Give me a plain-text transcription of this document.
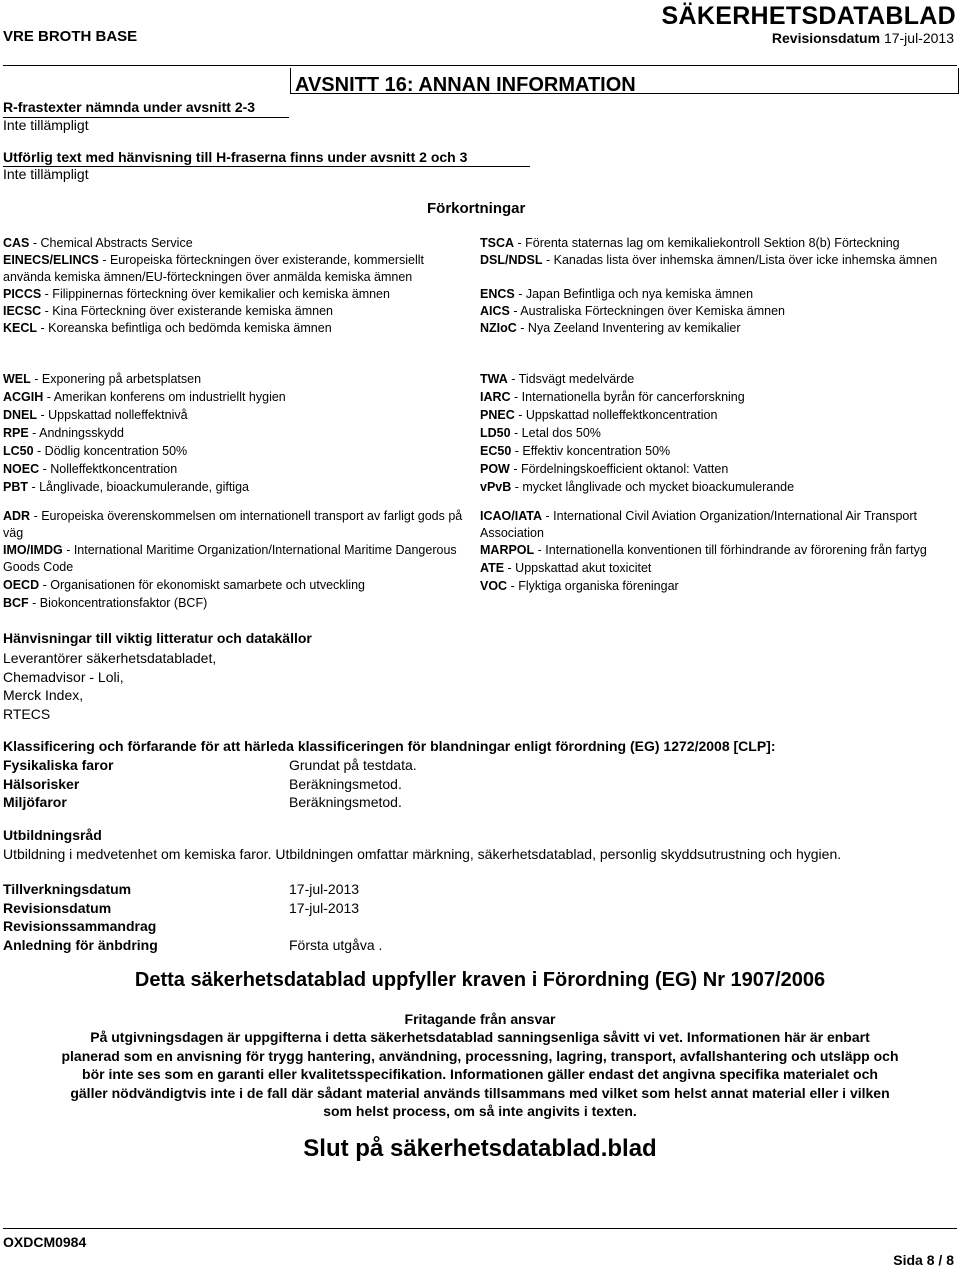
VRE BROTH BASE
SÄKERHETSDATABLAD
Revisionsdatum 17-jul-2013
AVSNITT 16: ANNAN INFORMATION
R-frastexter nämnda under avsnitt 2-3
Inte tillämpligt
Utförlig text med hänvisning till H-fraserna finns under avsnitt 2 och 3
Inte tillämpligt
Förkortningar
CAS - Chemical Abstracts Service
EINECS/ELINCS - Europeiska förteckningen över existerande, kommersiellt använda kemiska ämnen/EU-förteckningen över anmälda kemiska ämnen
PICCS - Filippinernas förteckning över kemikalier och kemiska ämnen
IECSC - Kina Förteckning över existerande kemiska ämnen
KECL - Koreanska befintliga och bedömda kemiska ämnen
TSCA - Förenta staternas lag om kemikaliekontroll Sektion 8(b) Förteckning
DSL/NDSL - Kanadas lista över inhemska ämnen/Lista över icke inhemska ämnen
ENCS - Japan Befintliga och nya kemiska ämnen
AICS - Australiska Förteckningen över Kemiska ämnen
NZIoC - Nya Zeeland Inventering av kemikalier
WEL - Exponering på arbetsplatsen
ACGIH - Amerikan konferens om industriellt hygien
DNEL - Uppskattad nolleffektnivå
RPE - Andningsskydd
LC50 - Dödlig koncentration 50%
NOEC - Nolleffektkoncentration
PBT - Långlivade, bioackumulerande, giftiga
TWA - Tidsvägt medelvärde
IARC - Internationella byrån för cancerforskning
PNEC - Uppskattad nolleffektkoncentration
LD50 - Letal dos 50%
EC50 - Effektiv koncentration 50%
POW - Fördelningskoefficient oktanol: Vatten
vPvB - mycket långlivade och mycket bioackumulerande
ADR - Europeiska överenskommelsen om internationell transport av farligt gods på väg
IMO/IMDG - International Maritime Organization/International Maritime Dangerous Goods Code
OECD - Organisationen för ekonomiskt samarbete och utveckling
BCF - Biokoncentrationsfaktor (BCF)
ICAO/IATA - International Civil Aviation Organization/International Air Transport Association
MARPOL - Internationella konventionen till förhindrande av förorening från fartyg
ATE - Uppskattad akut toxicitet
VOC - Flyktiga organiska föreningar
Hänvisningar till viktig litteratur och datakällor
Leverantörer säkerhetsdatabladet,
Chemadvisor - Loli,
Merck Index,
RTECS
Klassificering och förfarande för att härleda klassificeringen för blandningar enligt förordning (EG) 1272/2008 [CLP]:
Fysikaliska faror
Hälsorisker
Miljöfaror
Grundat på testdata.
Beräkningsmetod.
Beräkningsmetod.
Utbildningsråd
Utbildning i medvetenhet om kemiska faror. Utbildningen omfattar märkning, säkerhetsdatablad, personlig skyddsutrustning och hygien.
Tillverkningsdatum
Revisionsdatum
Revisionssammandrag
Anledning för änbdring
17-jul-2013
17-jul-2013
Första utgåva .
Detta säkerhetsdatablad uppfyller kraven i Förordning (EG) Nr 1907/2006
Fritagande från ansvar
På utgivningsdagen är uppgifterna i detta säkerhetsdatablad sanningsenliga såvitt vi vet. Informationen här är enbart
planerad som en anvisning för trygg hantering, användning, processning, lagring, transport, avfallshantering och utsläpp och
bör inte ses som en garanti eller kvalitetsspecifikation. Informationen gäller endast det angivna specifika materialet och
gäller nödvändigtvis inte i de fall där sådant material används tillsammans med vilket som helst annat material eller i vilken
som helst process, om så inte angivits i texten.
Slut på säkerhetsdatablad.blad
OXDCM0984
Sida 8 / 8
